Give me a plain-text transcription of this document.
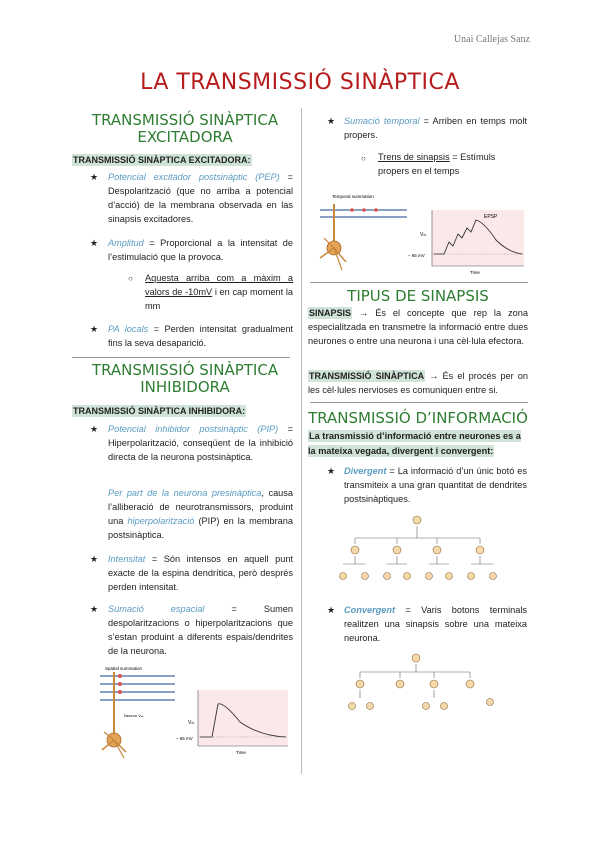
Unai Callejas Sanz
LA TRANSMISSIÓ SINÀPTICA
TRANSMISSIÓ SINÀPTICA
EXCITADORA
TRANSMISSIÓ SINÀPTICA EXCITADORA:
★ Potencial excitador postsinàptic (PEP) = Despolarització (que no arriba a potencial d’acció) de la membrana observada en las sinapsis excitadores.
★ Amplitud = Proporcional a la intensitat de l’estimulació que la provoca.
○ Aquesta arriba com a màxim a valors de -10mV i en cap moment la mm
★ PA locals = Perden intensitat gradualment fins la seva desaparició.
TRANSMISSIÓ SINÀPTICA
INHIBIDORA
TRANSMISSIÓ SINÀPTICA INHIBIDORA:
★ Potencial inhibidor postsinàptic (PIP) = Hiperpolarització, conseqüent de la inhibició directa de la neurona postsinàptica.
Per part de la neurona presinàptica, causa l’alliberació de neurotransmissors, produint una hiperpolarització (PIP) en la membrana postsinàptica.
★ Intensitat = Són intensos en aquell punt exacte de la espina dendrítica, però després perden intensitat.
★ Sumació espacial = Sumen despolaritzacions o hiperpolaritzacions que s’estan produint a diferents espais/dendrites de la neurona.
Spatial summation
Neuron Vₘ
Vₘ
– 65 mV
Time
★ Sumació temporal = Arriben en temps molt propers.
○ Trens de sinapsis = Estímuls propers en el temps
Temporal summation
EPSP
Vₘ
– 65 mV
Time
TIPUS DE SINAPSIS
SINAPSIS → És el concepte que rep la zona especialitzada en transmetre la informació entre dues neurones o entre una neurona i una cèl·lula efectora.
TRANSMISSIÓ SINÀPTICA → És el procés per on les cèl·lules nervioses es comuniquen entre si.
TRANSMISSIÓ D’INFORMACIÓ
La transmissió d’informació entre neurones es a la mateixa vegada, divergent i convergent:
★ Divergent = La informació d’un únic botó es transmiteix a una gran quantitat de dendrites postsinàptiques.
★ Convergent = Varis botons terminals realitzen una sinapsis sobre una mateixa neurona.
